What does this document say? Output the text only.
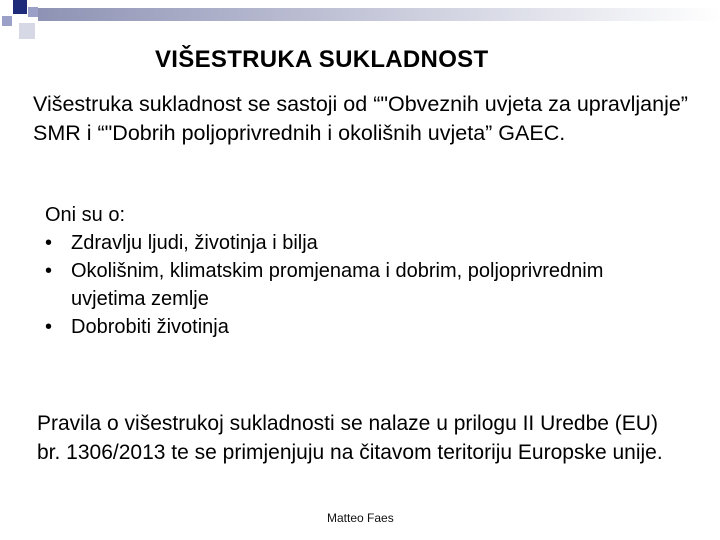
VIŠESTRUKA SUKLADNOST
Višestruka sukladnost se sastoji od “"Obveznih uvjeta za upravljanje” SMR i “"Dobrih poljoprivrednih i okolišnih uvjeta” GAEC.
Oni su o:
• Zdravlju ljudi, životinja i bilja
• Okolišnim, klimatskim promjenama i dobrim, poljoprivrednim uvjetima zemlje
• Dobrobiti životinja
Pravila o višestrukoj sukladnosti se nalaze u prilogu II Uredbe (EU) br. 1306/2013 te se primjenjuju na čitavom teritoriju Europske unije.
Matteo Faes
